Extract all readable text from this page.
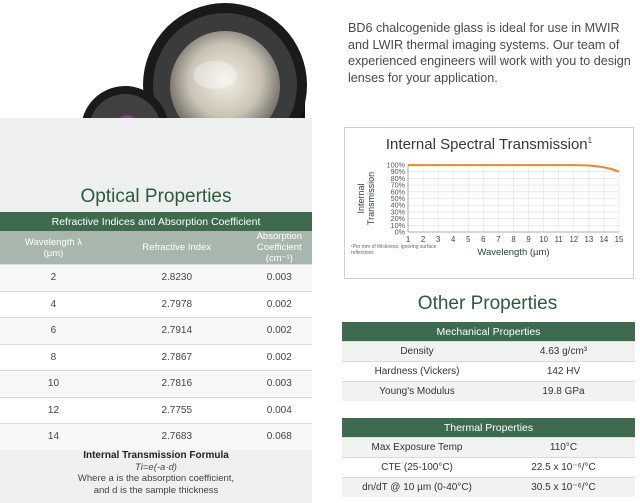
BD6 chalcogenide glass is ideal for use in MWIR and LWIR thermal imaging systems. Our team of experienced engineers will work with you to design lenses for your application.

Optical Properties
Refractive Indices and Absorption Coefficient		
Wavelength λ (µm)	Refractive Index	Absorption Coefficient (cm⁻¹)
2	2.8230	0.003
4	2.7978	0.002
6	2.7914	0.002
8	2.7867	0.002
10	2.7816	0.003
12	2.7755	0.004
14	2.7683	0.068
Internal Transmission Formula
Ti=e(-a·d)
Where a is the absorption coefficient,
and d is the sample thickness
Internal Spectral Transmission$^1$
0%
10%
20%
30%
40%
50%
60%
70%
80%
90%
100%
1 2 3 4 5 6 7 8 9 10 11 12 13 14 15
Wavelength (µm)
InternalTransmission
¹Per mm of thickness, ignoring surface reflections
Other Properties
Mechanical Properties	
Density	4.63 g/cm³
Hardness (Vickers)	142 HV
Young's Modulus	19.8 GPa
Thermal Properties	
Max Exposure Temp	110°C
CTE (25-100°C)	22.5 x 10⁻⁶/°C
dn/dT @ 10 µm (0-40°C)	30.5 x 10⁻⁶/°C
